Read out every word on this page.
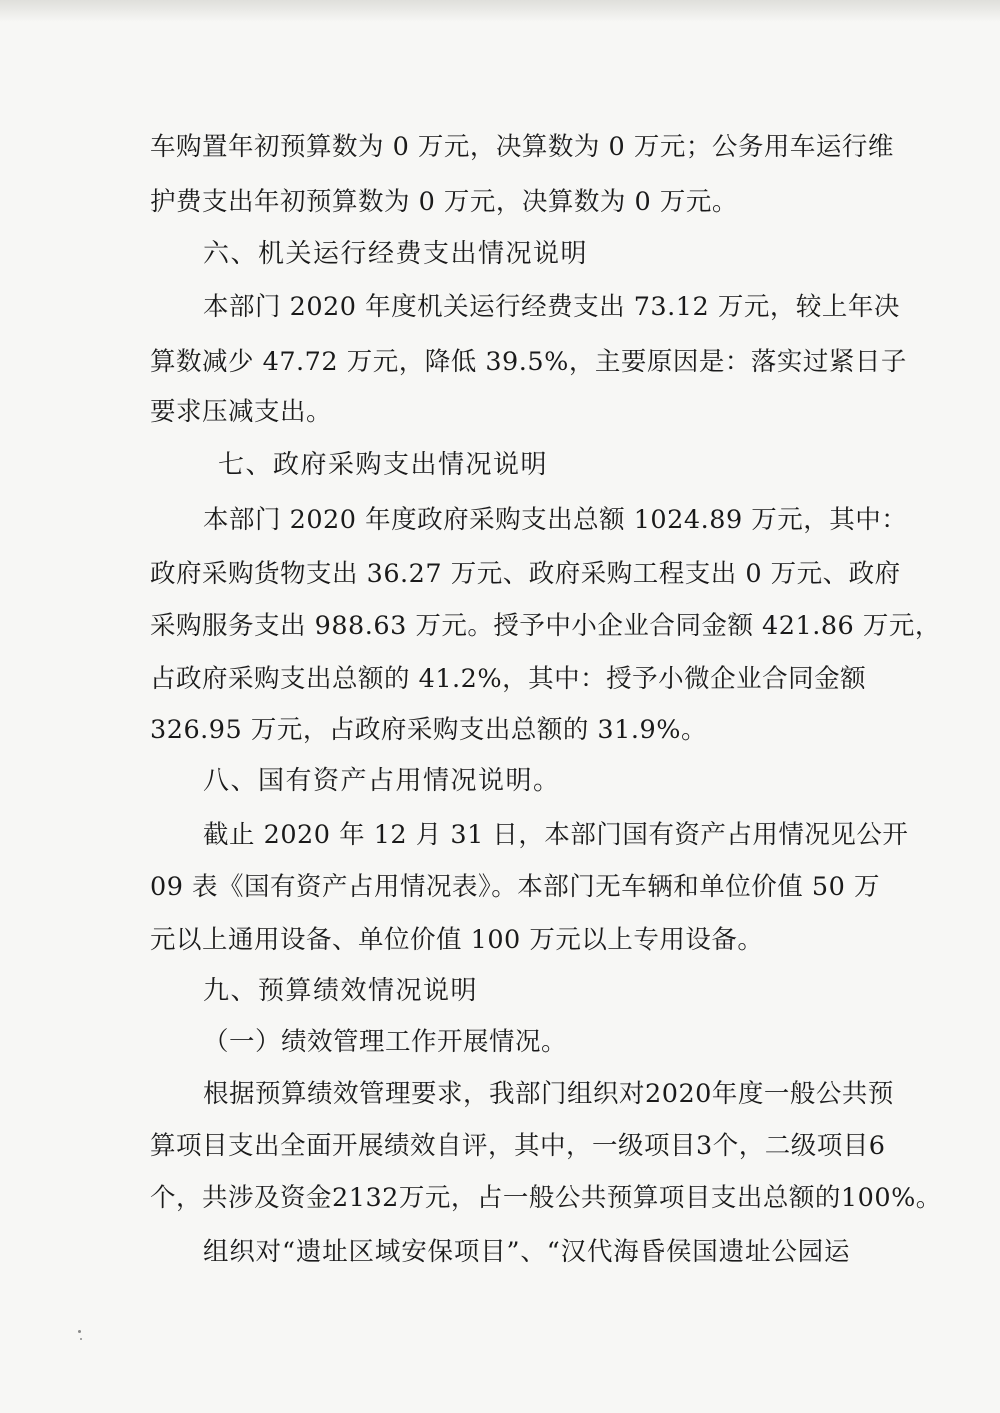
车购置年初预算数为 0 万元，决算数为 0 万元；公务用车运行维
护费支出年初预算数为 0 万元，决算数为 0 万元。
六、机关运行经费支出情况说明
本部门 2020 年度机关运行经费支出 73.12 万元，较上年决
算数减少 47.72 万元，降低 39.5%，主要原因是：落实过紧日子
要求压减支出。
七、政府采购支出情况说明
本部门 2020 年度政府采购支出总额 1024.89 万元，其中：
政府采购货物支出 36.27 万元、政府采购工程支出 0 万元、政府
采购服务支出 988.63 万元。授予中小企业合同金额 421.86 万元，
占政府采购支出总额的 41.2%，其中：授予小微企业合同金额
326.95 万元，占政府采购支出总额的 31.9%。
八、国有资产占用情况说明。
截止 2020 年 12 月 31 日，本部门国有资产占用情况见公开
09 表《国有资产占用情况表》。本部门无车辆和单位价值 50 万
元以上通用设备、单位价值 100 万元以上专用设备。
九、预算绩效情况说明
（一）绩效管理工作开展情况。
根据预算绩效管理要求，我部门组织对2020年度一般公共预
算项目支出全面开展绩效自评，其中，一级项目3个，二级项目6
个，共涉及资金2132万元，占一般公共预算项目支出总额的100%。
组织对“遗址区域安保项目”、“汉代海昏侯国遗址公园运
